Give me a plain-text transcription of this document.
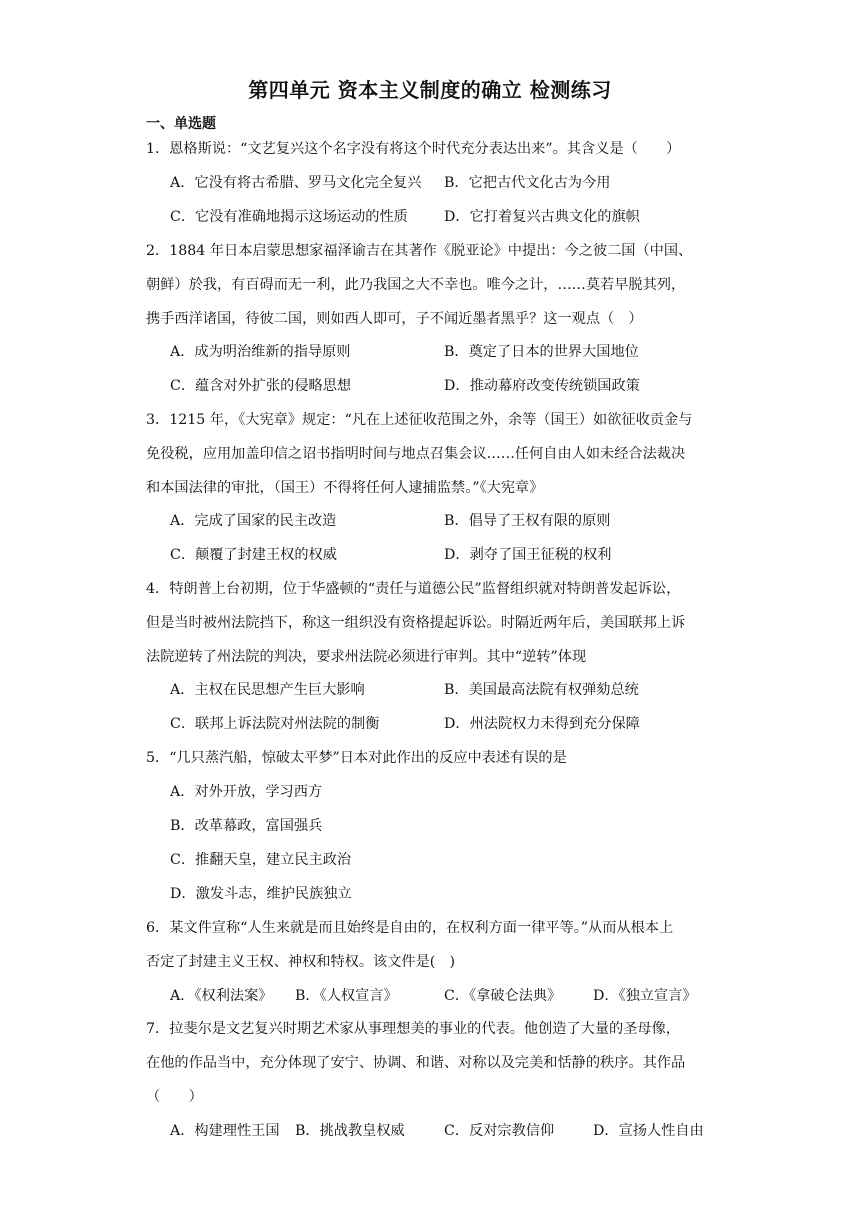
第四单元 资本主义制度的确立 检测练习
一、单选题
1．恩格斯说：“文艺复兴这个名字没有将这个时代充分表达出来”。其含义是（　　）
A．它没有将古希腊、罗马文化完全复兴 B．它把古代文化古为今用
C．它没有准确地揭示这场运动的性质	D．它打着复兴古典文化的旗帜
2．1884 年日本启蒙思想家福泽谕吉在其著作《脱亚论》中提出：今之彼二国（中国、
朝鲜）於我，有百碍而无一利，此乃我国之大不幸也。唯今之计，……莫若早脱其列，
携手西洋诸国，待彼二国，则如西人即可，子不闻近墨者黑乎？这一观点（　）
A．成为明治维新的指导原则	B．奠定了日本的世界大国地位
C．蕴含对外扩张的侵略思想	D．推动幕府改变传统锁国政策
3．1215 年，《大宪章》规定：“凡在上述征收范围之外，余等（国王）如欲征收贡金与
免役税，应用加盖印信之诏书指明时间与地点召集会议……任何自由人如未经合法裁决
和本国法律的审批，（国王）不得将任何人逮捕监禁。”《大宪章》
A．完成了国家的民主改造	B．倡导了王权有限的原则
C．颠覆了封建王权的权威	D．剥夺了国王征税的权利
4．特朗普上台初期，位于华盛顿的“责任与道德公民”监督组织就对特朗普发起诉讼，
但是当时被州法院挡下，称这一组织没有资格提起诉讼。时隔近两年后，美国联邦上诉
法院逆转了州法院的判决，要求州法院必须进行审判。其中“逆转”体现
A．主权在民思想产生巨大影响	B．美国最高法院有权弹劾总统
C．联邦上诉法院对州法院的制衡	D．州法院权力未得到充分保障
5．“几只蒸汽船，惊破太平梦”日本对此作出的反应中表述有误的是
A．对外开放，学习西方
B．改革幕政，富国强兵
C．推翻天皇，建立民主政治
D．激发斗志，维护民族独立
6．某文件宣称“人生来就是而且始终是自由的，在权利方面一律平等。”从而从根本上
否定了封建主义王权、神权和特权。该文件是(　)
A．《权利法案》 B．《人权宣言》	C．《拿破仑法典》 D．《独立宣言》
7．拉斐尔是文艺复兴时期艺术家从事理想美的事业的代表。他创造了大量的圣母像，
在他的作品当中，充分体现了安宁、协调、和谐、对称以及完美和恬静的秩序。其作品
（　　）
A．构建理性王国 B．挑战教皇权威	C．反对宗教信仰	D．宣扬人性自由
